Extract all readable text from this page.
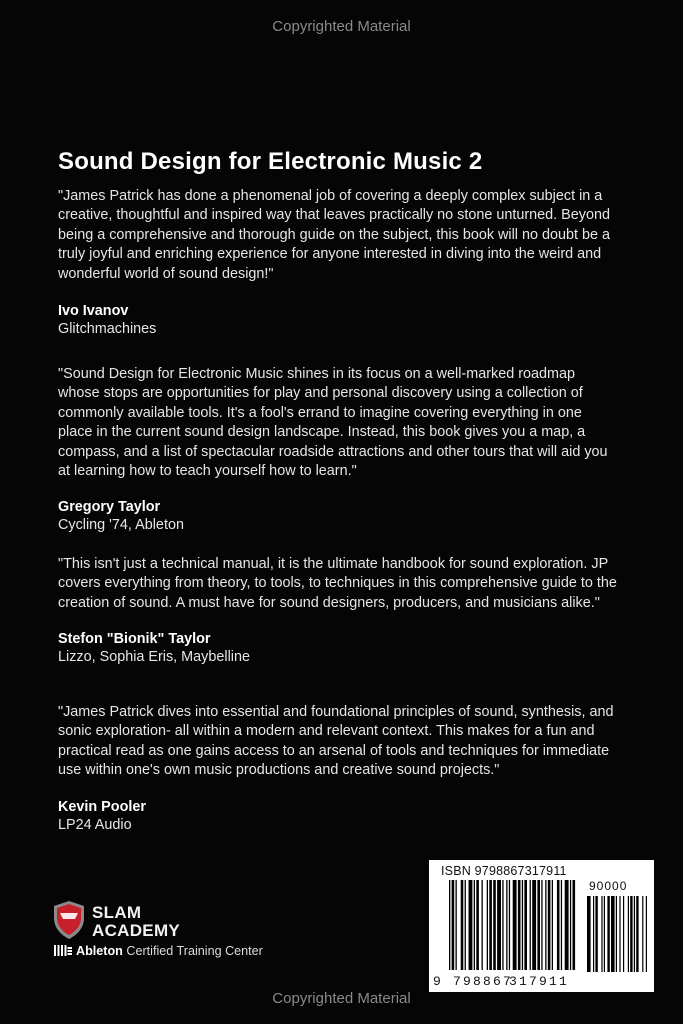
Copyrighted Material
Sound Design for Electronic Music 2

"James Patrick has done a phenomenal job of covering a deeply complex subject in a creative, thoughtful and inspired way that leaves practically no stone unturned. Beyond being a comprehensive and thorough guide on the subject, this book will no doubt be a truly joyful and enriching experience for anyone interested in diving into the weird and wonderful world of sound design!"

Ivo Ivanov

Glitchmachines

"Sound Design for Electronic Music shines in its focus on a well-marked roadmap whose stops are opportunities for play and personal discovery using a collection of commonly available tools. It's a fool's errand to imagine covering everything in one place in the current sound design landscape. Instead, this book gives you a map, a compass, and a list of spectacular roadside attractions and other tours that will aid you at learning how to teach yourself how to learn."

Gregory Taylor

Cycling '74, Ableton

"This isn't just a technical manual, it is the ultimate handbook for sound exploration. JP covers everything from theory, to tools, to techniques in this comprehensive guide to the creation of sound. A must have for sound designers, producers, and musicians alike."

Stefon "Bionik" Taylor

Lizzo, Sophia Eris, Maybelline

"James Patrick dives into essential and foundational principles of sound, synthesis, and sonic exploration- all within a modern and relevant context. This makes for a fun and practical read as one gains access to an arsenal of tools and techniques for immediate use within one's own music productions and creative sound projects."

Kevin Pooler

LP24 Audio

SLAM
ACADEMY
Ableton Certified Training Center
ISBN 9798867317911
90000
9 798867
317911
Copyrighted Material
